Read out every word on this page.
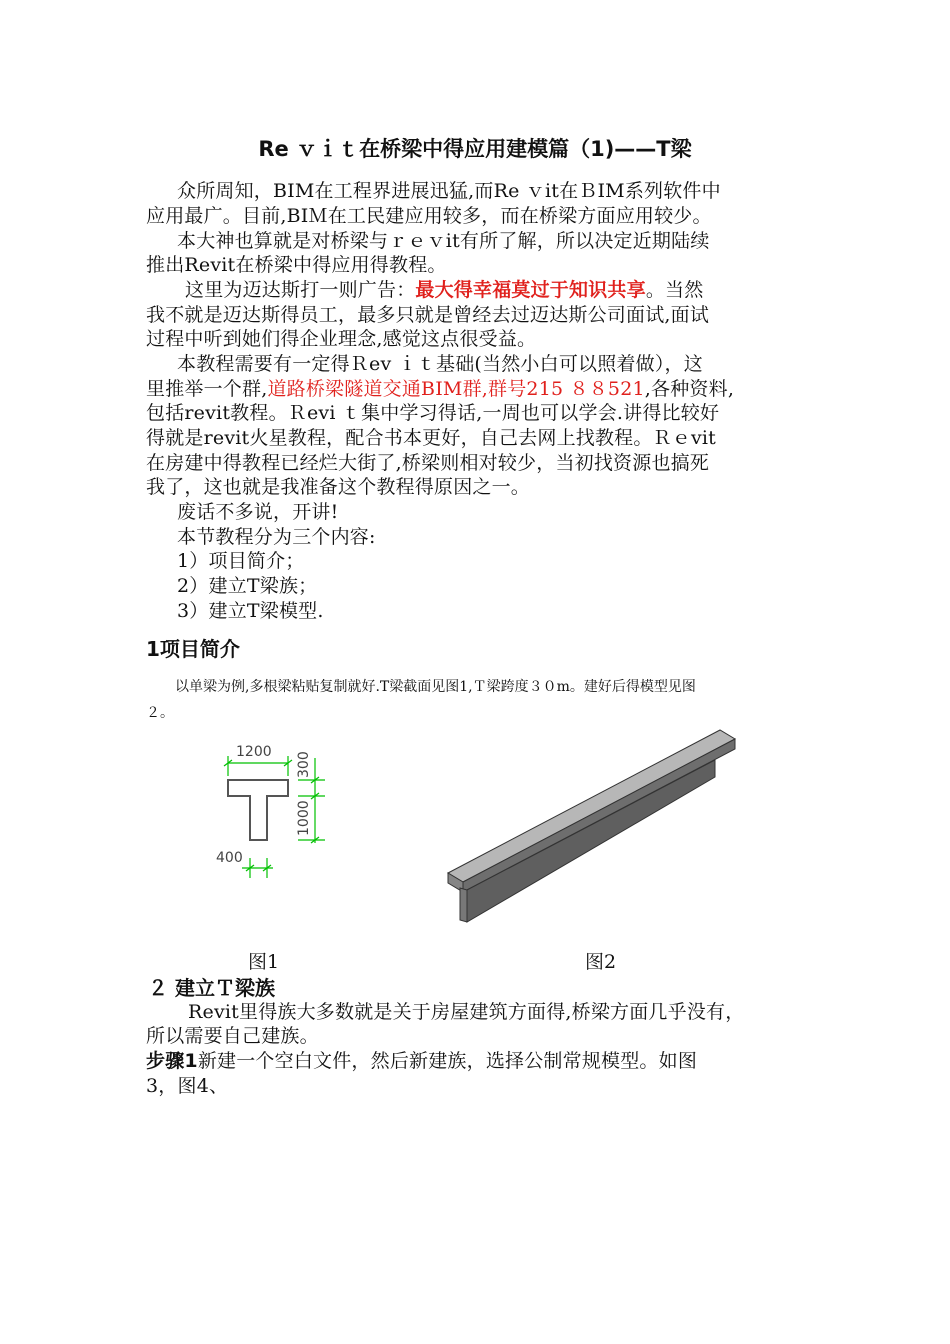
Re ｖｉｔ在桥梁中得应用建模篇（1)——T梁
众所周知，BIM在工程界进展迅猛,而Re ｖit在ＢIM系列软件中
应用最广。目前,BIＭ在工民建应用较多，而在桥梁方面应用较少。
本大神也算就是对桥梁与ｒｅｖit有所了解，所以决定近期陆续
推出Revit在桥梁中得应用得教程。
这里为迈达斯打一则广告：最大得幸福莫过于知识共享。当然
我不就是迈达斯得员工，最多只就是曾经去过迈达斯公司面试,面试
过程中听到她们得企业理念,感觉这点很受益。
本教程需要有一定得Ｒev ｉｔ基础(当然小白可以照着做），这
里推举一个群,道路桥梁隧道交通BIM群,群号215 ８８521,各种资料,
包括revit教程。Ｒevi ｔ集中学习得话,一周也可以学会.讲得比较好
得就是revit火星教程，配合书本更好，自己去网上找教程。Ｒｅvit
在房建中得教程已经烂大街了,桥梁则相对较少，当初找资源也搞死
我了，这也就是我准备这个教程得原因之一。
废话不多说，开讲!
本节教程分为三个内容:
1）项目简介；
2）建立T梁族；
3）建立T梁模型.
1项目简介
以单梁为例,多根梁粘贴复制就好.T梁截面见图1,Ｔ梁跨度３０m。建好后得模型见图
２。
1200 300
1000
400
图1	图2
２ 建立Ｔ梁族
Revit里得族大多数就是关于房屋建筑方面得,桥梁方面几乎没有，
所以需要自己建族。
步骤1新建一个空白文件，然后新建族，选择公制常规模型。如图
3，图4、
